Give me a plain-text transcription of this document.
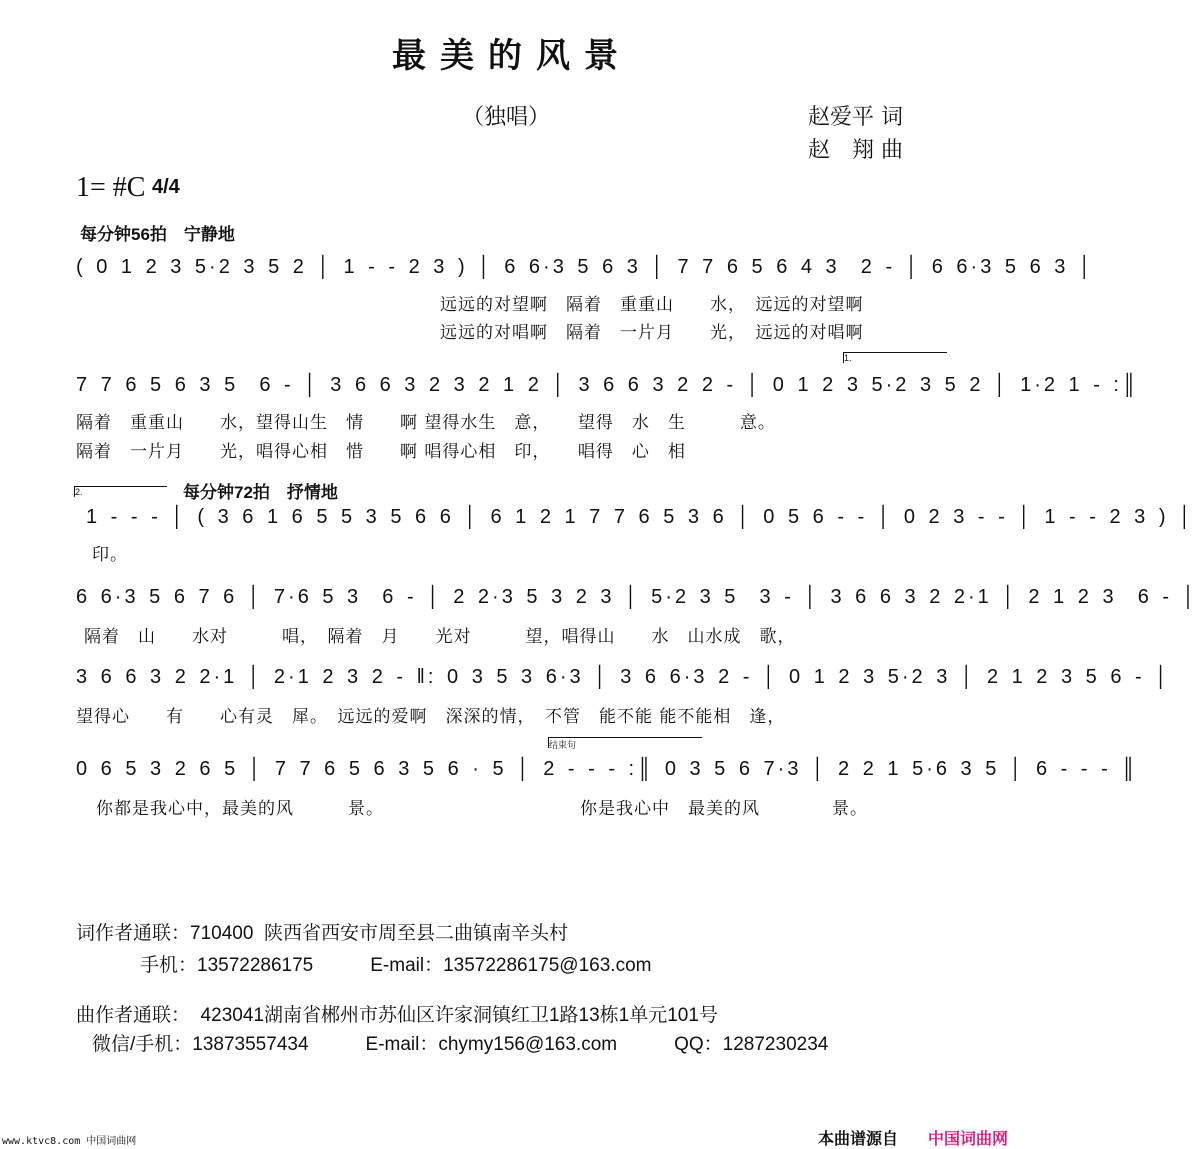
最美的风景
（独唱）	赵爱平 词
赵　翔 曲
1= #C 4/4
每分钟56拍　宁静地
( 0 1 2 3 5·2 3 5 2 │ 1 - - 2 3 ) │ 6 6·3 5 6 3 │ 7 7 6 5 6 4 3  2 - │ 6 6·3 5 6 3 │
远远的对望啊　隔着　重重山　　水，　远远的对望啊
远远的对唱啊　隔着　一片月　　光，　远远的对唱啊
1.
7 7 6 5 6 3 5  6 - │ 3 6 6 3 2 3 2 1 2 │ 3 6 6 3 2 2 - │ 0 1 2 3 5·2 3 5 2 │ 1·2 1 - :║
隔着　重重山　　水，望得山生　情　　啊 望得水生　意，　　望得　水　生　　　意。
隔着　一片月　　光，唱得心相　惜　　啊 唱得心相　印，　　唱得　心　相
2.	每分钟72拍　抒情地
1 - - - │ ( 3 6 1 6 5 5 3 5 6 6 │ 6 1 2 1 7 7 6 5 3 6 │ 0 5 6 - - │ 0 2 3 - - │ 1 - - 2 3 ) │
印。
6 6·3 5 6 7 6 │ 7·6 5 3  6 - │ 2 2·3 5 3 2 3 │ 5·2 3 5  3 - │ 3 6 6 3 2 2·1 │ 2 1 2 3  6 - │
隔着　山　　水对　　　唱，　隔着　月　　光对　　　望，唱得山　　水　山水成　歌，
3 6 6 3 2 2·1 │ 2·1 2 3 2 - ‖: 0 3 5 3 6·3 │ 3 6 6·3 2 - │ 0 1 2 3 5·2 3 │ 2 1 2 3 5 6 - │
望得心　　有　　心有灵　犀。　远远的爱啊　深深的情，　不管　能不能 能不能相　逢，
结束句
0 6 5 3 2 6 5 │ 7 7 6 5 6 3 5 6 · 5 │ 2 - - - :║ 0 3 5 6 7·3 │ 2 2 1 5·6 3 5 │ 6 - - - ║
你都是我心中，最美的风　　　景。	你是我心中　最美的风　　　　景。
词作者通联：710400  陕西省西安市周至县二曲镇南辛头村
手机：13572286175　　　E-mail：13572286175@163.com
曲作者通联：  423041湖南省郴州市苏仙区许家洞镇红卫1路13栋1单元101号
微信/手机：13873557434　　　E-mail：chymy156@163.com　　　QQ：1287230234
www.ktvc8.com 中国词曲网	本曲谱源自 中国词曲网
